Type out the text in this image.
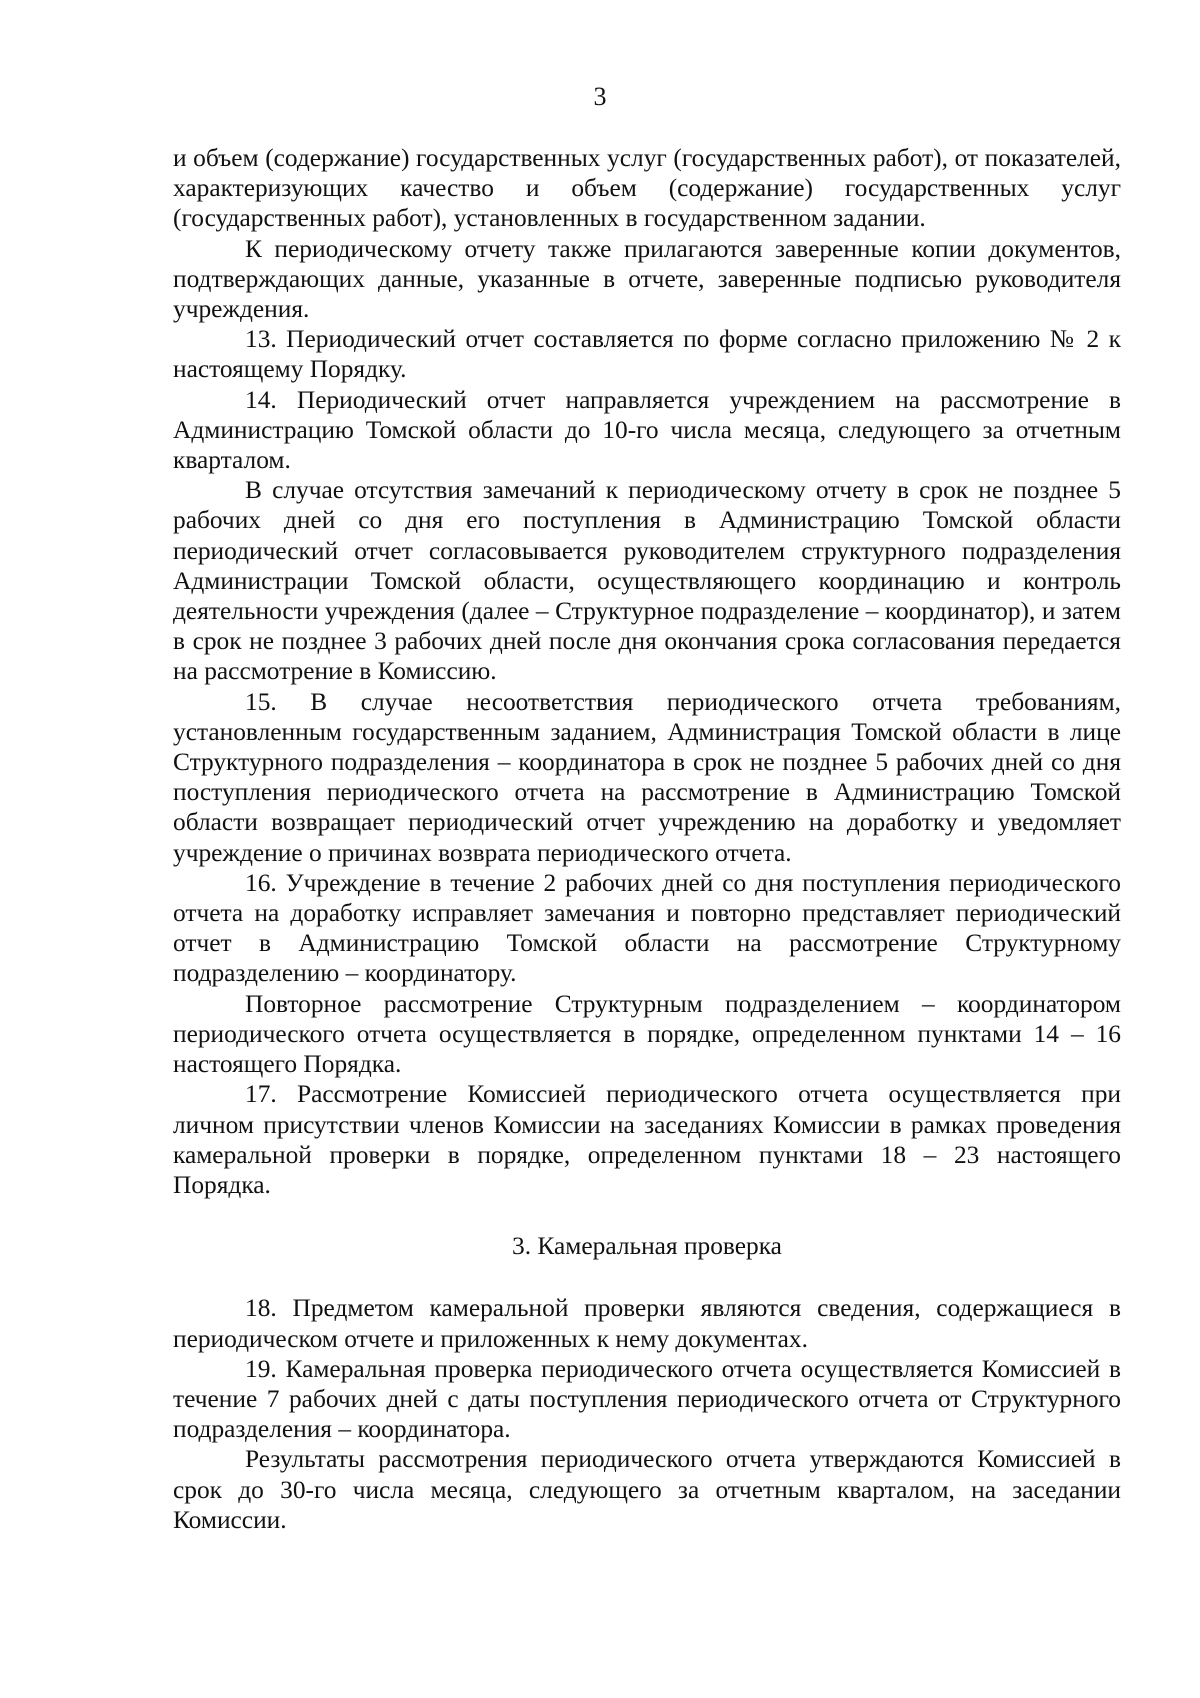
3

и объем (содержание) государственных услуг (государственных работ), от показателей, характеризующих качество и объем (содержание) государственных услуг (государственных работ), установленных в государственном задании.

К периодическому отчету также прилагаются заверенные копии документов, подтверждающих данные, указанные в отчете, заверенные подписью руководителя учреждения.

13. Периодический отчет составляется по форме согласно приложению № 2 к настоящему Порядку.

14. Периодический отчет направляется учреждением на рассмотрение в Администрацию Томской области до 10-го числа месяца, следующего за отчетным кварталом.

В случае отсутствия замечаний к периодическому отчету в срок не позднее 5 рабочих дней со дня его поступления в Администрацию Томской области периодический отчет согласовывается руководителем структурного подразделения Администрации Томской области, осуществляющего координацию и контроль деятельности учреждения (далее – Структурное подразделение – координатор), и затем в срок не позднее 3 рабочих дней после дня окончания срока согласования передается на рассмотрение в Комиссию.

15. В случае несоответствия периодического отчета требованиям, установленным государственным заданием, Администрация Томской области в лице Структурного подразделения – координатора в срок не позднее 5 рабочих дней со дня поступления периодического отчета на рассмотрение в Администрацию Томской области возвращает периодический отчет учреждению на доработку и уведомляет учреждение о причинах возврата периодического отчета.

16. Учреждение в течение 2 рабочих дней со дня поступления периодического отчета на доработку исправляет замечания и повторно представляет периодический отчет в Администрацию Томской области на рассмотрение Структурному подразделению – координатору.

Повторное рассмотрение Структурным подразделением – координатором периодического отчета осуществляется в порядке, определенном пунктами 14 – 16 настоящего Порядка.

17. Рассмотрение Комиссией периодического отчета осуществляется при личном присутствии членов Комиссии на заседаниях Комиссии в рамках проведения камеральной проверки в порядке, определенном пунктами 18 – 23 настоящего Порядка.

3. Камеральная проверка

18. Предметом камеральной проверки являются сведения, содержащиеся в периодическом отчете и приложенных к нему документах.

19. Камеральная проверка периодического отчета осуществляется Комиссией в течение 7 рабочих дней с даты поступления периодического отчета от Структурного подразделения – координатора.

Результаты рассмотрения периодического отчета утверждаются Комиссией в срок до 30-го числа месяца, следующего за отчетным кварталом, на заседании Комиссии.
